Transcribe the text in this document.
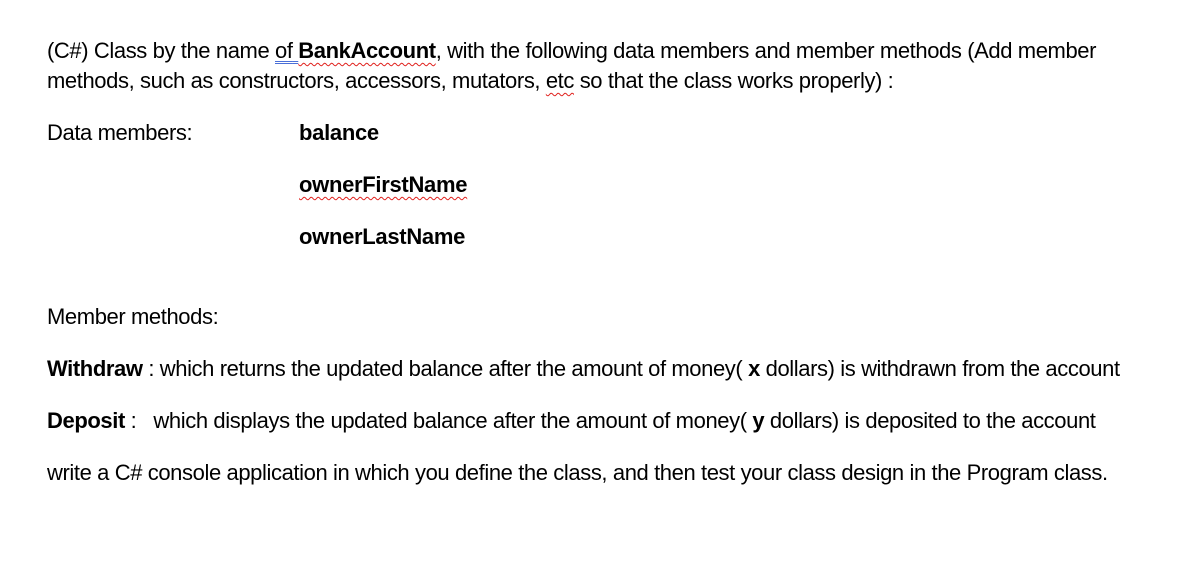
(C#) Class by the name of BankAccount, with the following data members and member methods (Add member
methods, such as constructors, accessors, mutators, etc so that the class works properly) :

Data members:	balance
ownerFirstName
ownerLastName

Member methods:

Withdraw : which returns the updated balance after the amount of money( x dollars) is withdrawn from the account

Deposit :   which displays the updated balance after the amount of money( y dollars) is deposited to the account

write a C# console application in which you define the class, and then test your class design in the Program class.
